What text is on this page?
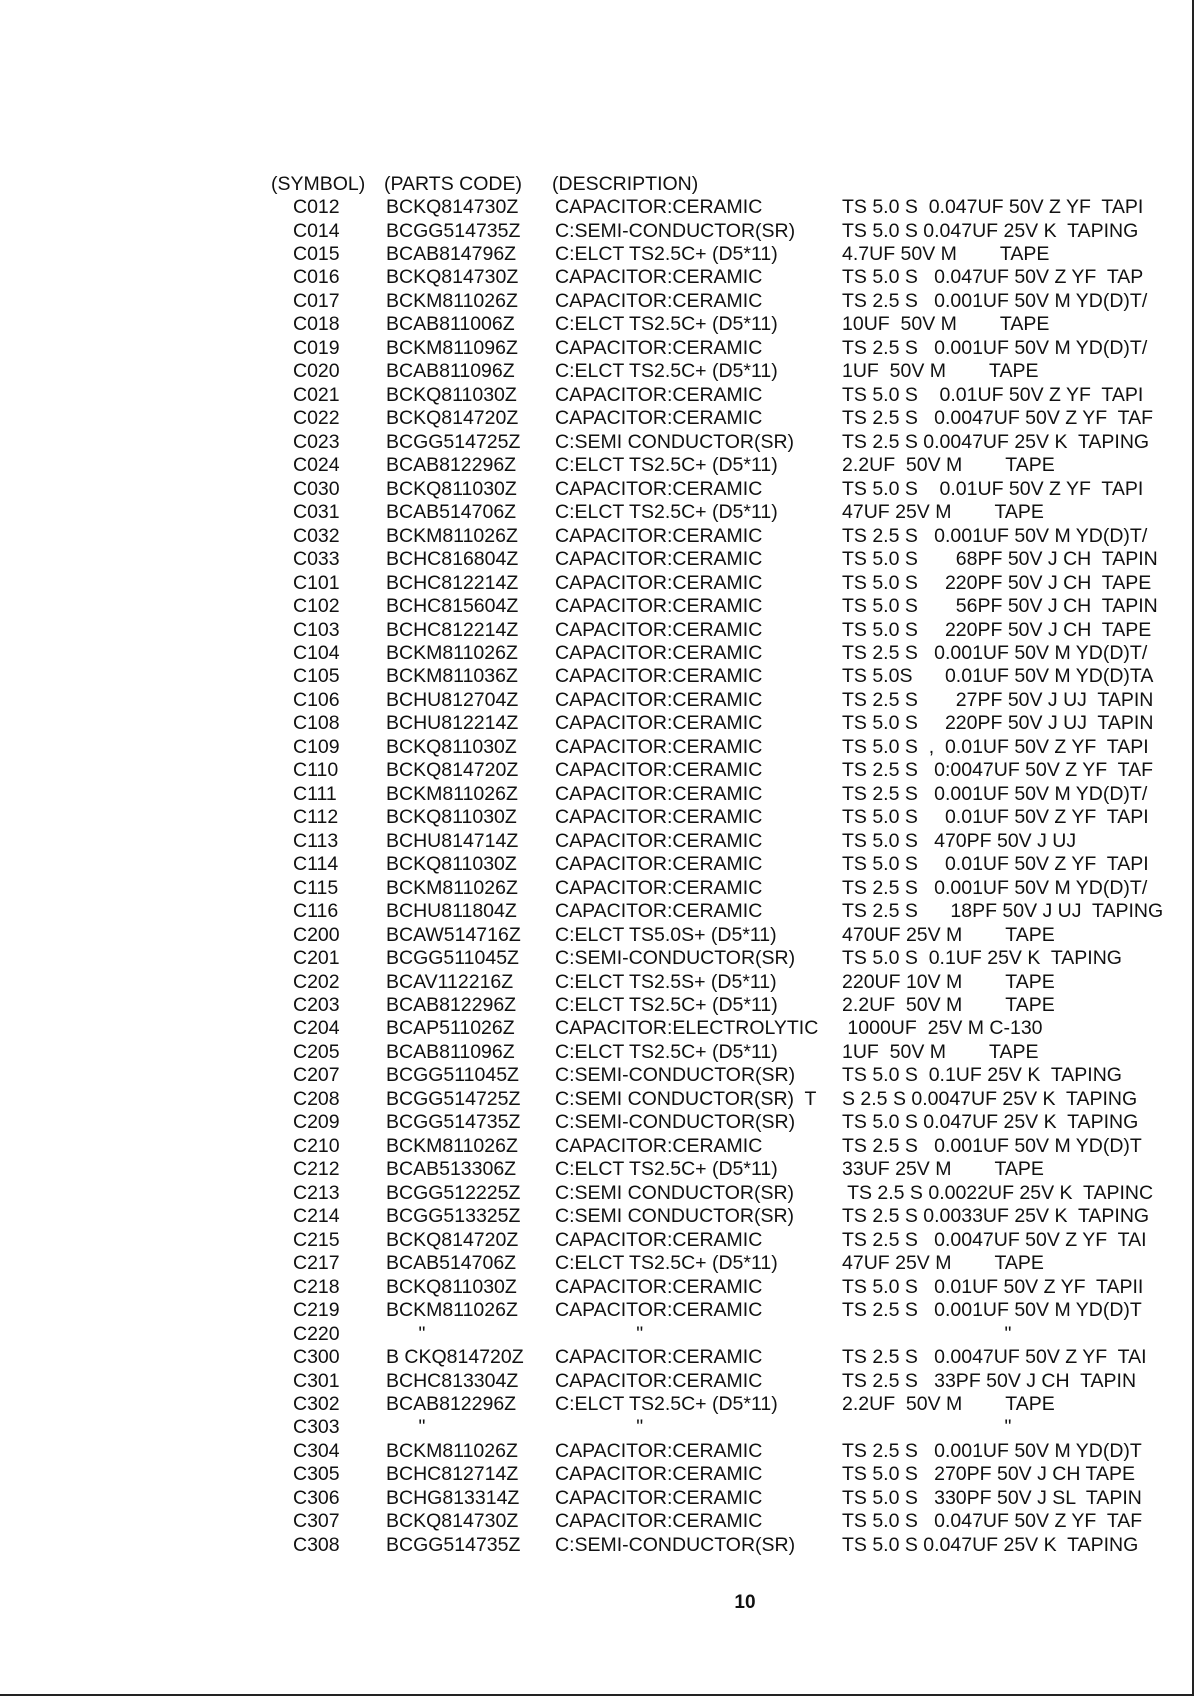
(SYMBOL) (PARTS CODE)	(DESCRIPTION)
C012	BCKQ814730Z	CAPACITOR:CERAMIC	TS 5.0 S  0.047UF 50V Z YF  TAPI
C014	BCGG514735Z	C:SEMI-CONDUCTOR(SR)	TS 5.0 S 0.047UF 25V K  TAPING
C015	BCAB814796Z	C:ELCT TS2.5C+ (D5*11)	4.7UF 50V M        TAPE
C016	BCKQ814730Z	CAPACITOR:CERAMIC	TS 5.0 S   0.047UF 50V Z YF  TAP
C017	BCKM811026Z	CAPACITOR:CERAMIC	TS 2.5 S   0.001UF 50V M YD(D)T/
C018	BCAB811006Z	C:ELCT TS2.5C+ (D5*11)	10UF  50V M        TAPE
C019	BCKM811096Z	CAPACITOR:CERAMIC	TS 2.5 S   0.001UF 50V M YD(D)T/
C020	BCAB811096Z	C:ELCT TS2.5C+ (D5*11)	1UF  50V M        TAPE
C021	BCKQ811030Z	CAPACITOR:CERAMIC	TS 5.0 S    0.01UF 50V Z YF  TAPI
C022	BCKQ814720Z	CAPACITOR:CERAMIC	TS 2.5 S   0.0047UF 50V Z YF  TAF
C023	BCGG514725Z	C:SEMI CONDUCTOR(SR)	TS 2.5 S 0.0047UF 25V K  TAPING
C024	BCAB812296Z	C:ELCT TS2.5C+ (D5*11)	2.2UF  50V M        TAPE
C030	BCKQ811030Z	CAPACITOR:CERAMIC	TS 5.0 S    0.01UF 50V Z YF  TAPI
C031	BCAB514706Z	C:ELCT TS2.5C+ (D5*11)	47UF 25V M        TAPE
C032	BCKM811026Z	CAPACITOR:CERAMIC	TS 2.5 S   0.001UF 50V M YD(D)T/
C033	BCHC816804Z	CAPACITOR:CERAMIC	TS 5.0 S       68PF 50V J CH  TAPIN
C101	BCHC812214Z	CAPACITOR:CERAMIC	TS 5.0 S     220PF 50V J CH  TAPE
C102	BCHC815604Z	CAPACITOR:CERAMIC	TS 5.0 S       56PF 50V J CH  TAPIN
C103	BCHC812214Z	CAPACITOR:CERAMIC	TS 5.0 S     220PF 50V J CH  TAPE
C104	BCKM811026Z	CAPACITOR:CERAMIC	TS 2.5 S   0.001UF 50V M YD(D)T/
C105	BCKM811036Z	CAPACITOR:CERAMIC	TS 5.0S      0.01UF 50V M YD(D)TA
C106	BCHU812704Z	CAPACITOR:CERAMIC	TS 2.5 S       27PF 50V J UJ  TAPIN
C108	BCHU812214Z	CAPACITOR:CERAMIC	TS 5.0 S     220PF 50V J UJ  TAPIN
C109	BCKQ811030Z	CAPACITOR:CERAMIC	TS 5.0 S  ,  0.01UF 50V Z YF  TAPI
C110	BCKQ814720Z	CAPACITOR:CERAMIC	TS 2.5 S   0:0047UF 50V Z YF  TAF
C111	BCKM811026Z	CAPACITOR:CERAMIC	TS 2.5 S   0.001UF 50V M YD(D)T/
C112	BCKQ811030Z	CAPACITOR:CERAMIC	TS 5.0 S     0.01UF 50V Z YF  TAPI
C113	BCHU814714Z	CAPACITOR:CERAMIC	TS 5.0 S   470PF 50V J UJ
C114	BCKQ811030Z	CAPACITOR:CERAMIC	TS 5.0 S     0.01UF 50V Z YF  TAPI
C115	BCKM811026Z	CAPACITOR:CERAMIC	TS 2.5 S   0.001UF 50V M YD(D)T/
C116	BCHU811804Z	CAPACITOR:CERAMIC	TS 2.5 S      18PF 50V J UJ  TAPING
C200	BCAW514716Z	C:ELCT TS5.0S+ (D5*11)	470UF 25V M        TAPE
C201	BCGG511045Z	C:SEMI-CONDUCTOR(SR)	TS 5.0 S  0.1UF 25V K  TAPING
C202	BCAV112216Z	C:ELCT TS2.5S+ (D5*11)	220UF 10V M        TAPE
C203	BCAB812296Z	C:ELCT TS2.5C+ (D5*11)	2.2UF  50V M        TAPE
C204	BCAP511026Z	CAPACITOR:ELECTROLYTIC	1000UF  25V M C-130
C205	BCAB811096Z	C:ELCT TS2.5C+ (D5*11)	1UF  50V M        TAPE
C207	BCGG511045Z	C:SEMI-CONDUCTOR(SR)	TS 5.0 S  0.1UF 25V K  TAPING
C208	BCGG514725Z	C:SEMI CONDUCTOR(SR)  T	S 2.5 S 0.0047UF 25V K  TAPING
C209	BCGG514735Z	C:SEMI-CONDUCTOR(SR)	TS 5.0 S 0.047UF 25V K  TAPING
C210	BCKM811026Z	CAPACITOR:CERAMIC	TS 2.5 S   0.001UF 50V M YD(D)T
C212	BCAB513306Z	C:ELCT TS2.5C+ (D5*11)	33UF 25V M        TAPE
C213	BCGG512225Z	C:SEMI CONDUCTOR(SR)	TS 2.5 S 0.0022UF 25V K  TAPINC
C214	BCGG513325Z	C:SEMI CONDUCTOR(SR)	TS 2.5 S 0.0033UF 25V K  TAPING
C215	BCKQ814720Z	CAPACITOR:CERAMIC	TS 2.5 S   0.0047UF 50V Z YF  TAI
C217	BCAB514706Z	C:ELCT TS2.5C+ (D5*11)	47UF 25V M        TAPE
C218	BCKQ811030Z	CAPACITOR:CERAMIC	TS 5.0 S   0.01UF 50V Z YF  TAPII
C219	BCKM811026Z	CAPACITOR:CERAMIC	TS 2.5 S   0.001UF 50V M YD(D)T
C220	"	"	"
C300	B CKQ814720Z	CAPACITOR:CERAMIC	TS 2.5 S   0.0047UF 50V Z YF  TAI
C301	BCHC813304Z	CAPACITOR:CERAMIC	TS 2.5 S   33PF 50V J CH  TAPIN
C302	BCAB812296Z	C:ELCT TS2.5C+ (D5*11)	2.2UF  50V M        TAPE
C303	"	"	"
C304	BCKM811026Z	CAPACITOR:CERAMIC	TS 2.5 S   0.001UF 50V M YD(D)T
C305	BCHC812714Z	CAPACITOR:CERAMIC	TS 5.0 S   270PF 50V J CH TAPE
C306	BCHG813314Z	CAPACITOR:CERAMIC	TS 5.0 S   330PF 50V J SL  TAPIN
C307	BCKQ814730Z	CAPACITOR:CERAMIC	TS 5.0 S   0.047UF 50V Z YF  TAF
C308	BCGG514735Z	C:SEMI-CONDUCTOR(SR)	TS 5.0 S 0.047UF 25V K  TAPING
10
